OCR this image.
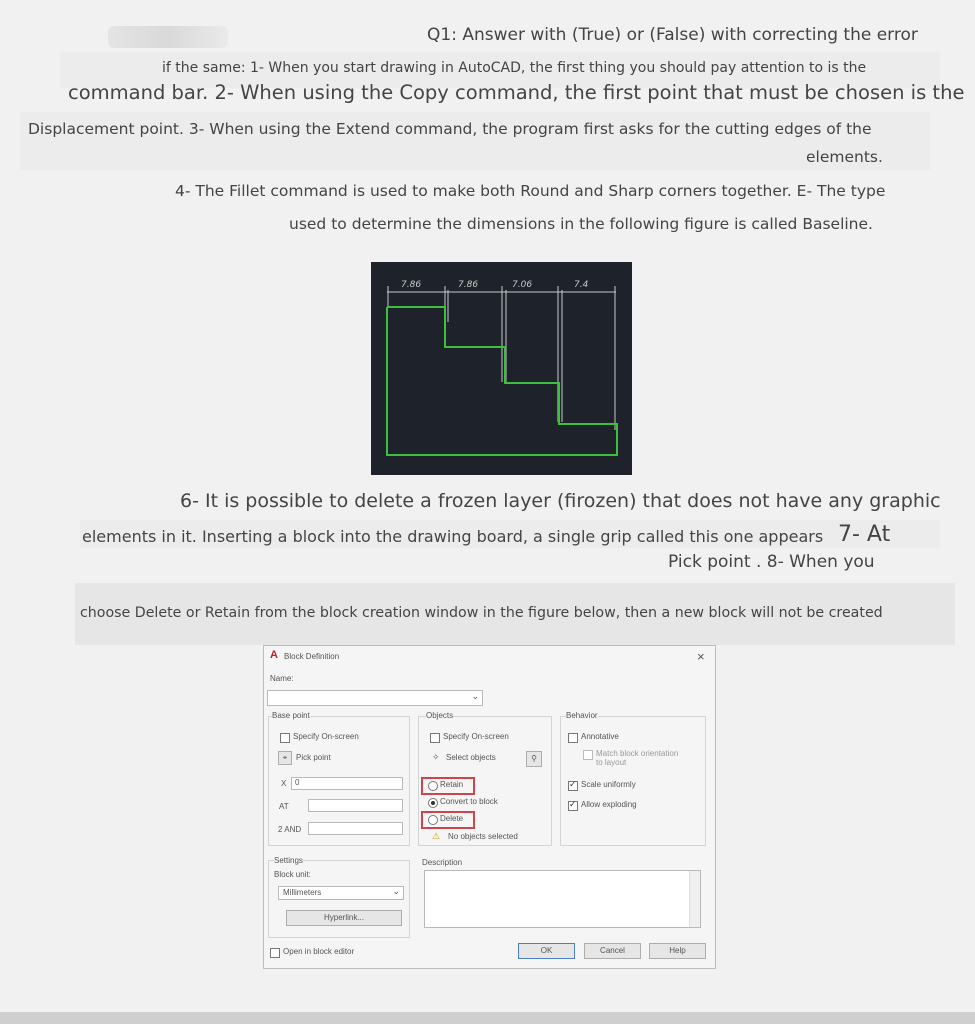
Q1: Answer with (True) or (False) with correcting the error
if the same: 1- When you start drawing in AutoCAD, the first thing you should pay attention to is the
command bar. 2- When using the Copy command, the first point that must be chosen is the
Displacement point. 3- When using the Extend command, the program first asks for the cutting edges of the
elements.
4- The Fillet command is used to make both Round and Sharp corners together. E- The type
used to determine the dimensions in the following figure is called Baseline.
7.86	7.86	7.06	7.4
6- It is possible to delete a frozen layer (firozen) that does not have any graphic
elements in it. Inserting a block into the drawing board, a single grip called this one appears 7- At
Pick point . 8- When you
choose Delete or Retain from the block creation window in the figure below, then a new block will not be created
A Block Definition	×
Name:
⌄
Base point
Specify On-screen
⌖	Pick point
X 0
AT
2 AND
Objects
Specify On-screen
✧ Select objects	⚲
Retain
Convert to block
Delete
⚠ No objects selected
Behavior
Annotative
Match block orientation
to layout
✓
Scale uniformly
✓
Allow exploding
Settings
Block unit:
Millimeters	⌄
Hyperlink...
Description
Open in block editor	OK	Cancel	Help
